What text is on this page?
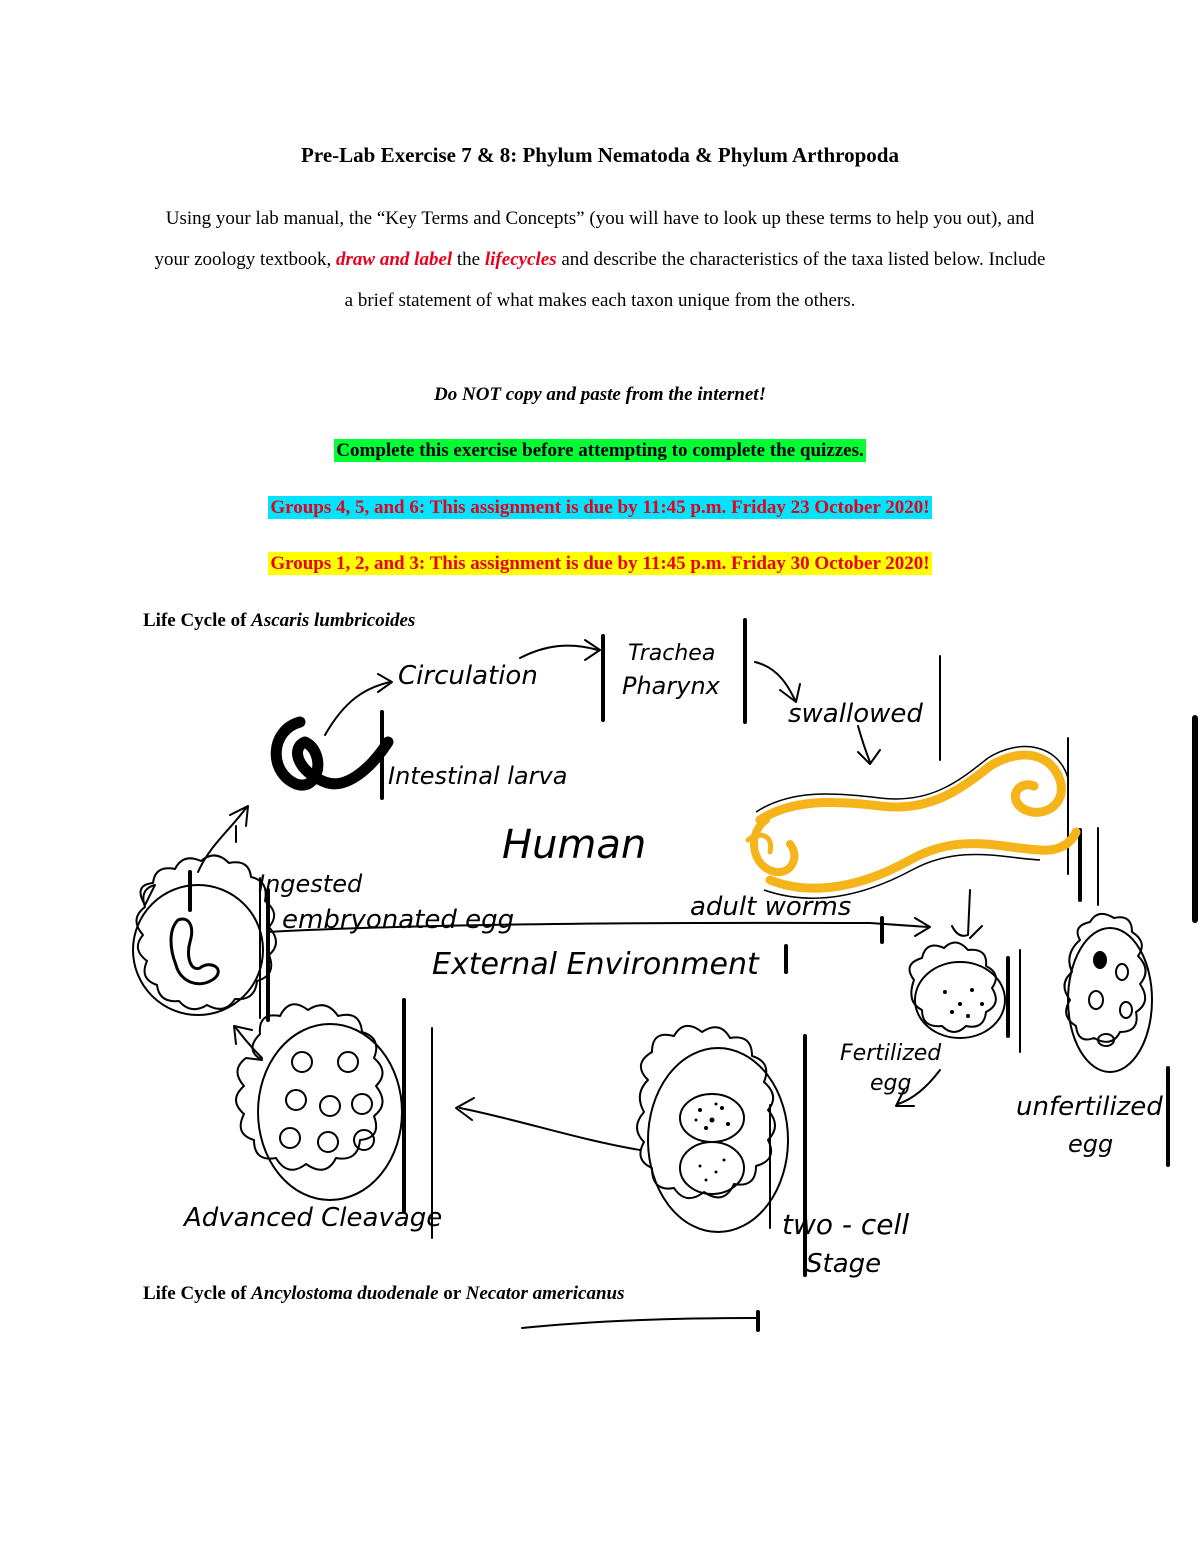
Pre-Lab Exercise 7 & 8: Phylum Nematoda & Phylum Arthropoda
Using your lab manual, the “Key Terms and Concepts” (you will have to look up these terms to help you out), and your zoology textbook, draw and label the lifecycles and describe the characteristics of the taxa listed below. Include a brief statement of what makes each taxon unique from the others.
Do NOT copy and paste from the internet!
Complete this exercise before attempting to complete the quizzes.
Groups 4, 5, and 6: This assignment is due by 11:45 p.m. Friday 23 October 2020!
Groups 1, 2, and 3: This assignment is due by 11:45 p.m. Friday 30 October 2020!
Life Cycle of Ascaris lumbricoides
Circulation
Trachea
Pharynx
swallowed
Intestinal larva
Human
Ingested
embryonated egg	adult worms
External Environment
Fertilized
egg
unfertilized
egg
Advanced Cleavage	two - cell
Stage
Life Cycle of Ancylostoma duodenale or Necator americanus
